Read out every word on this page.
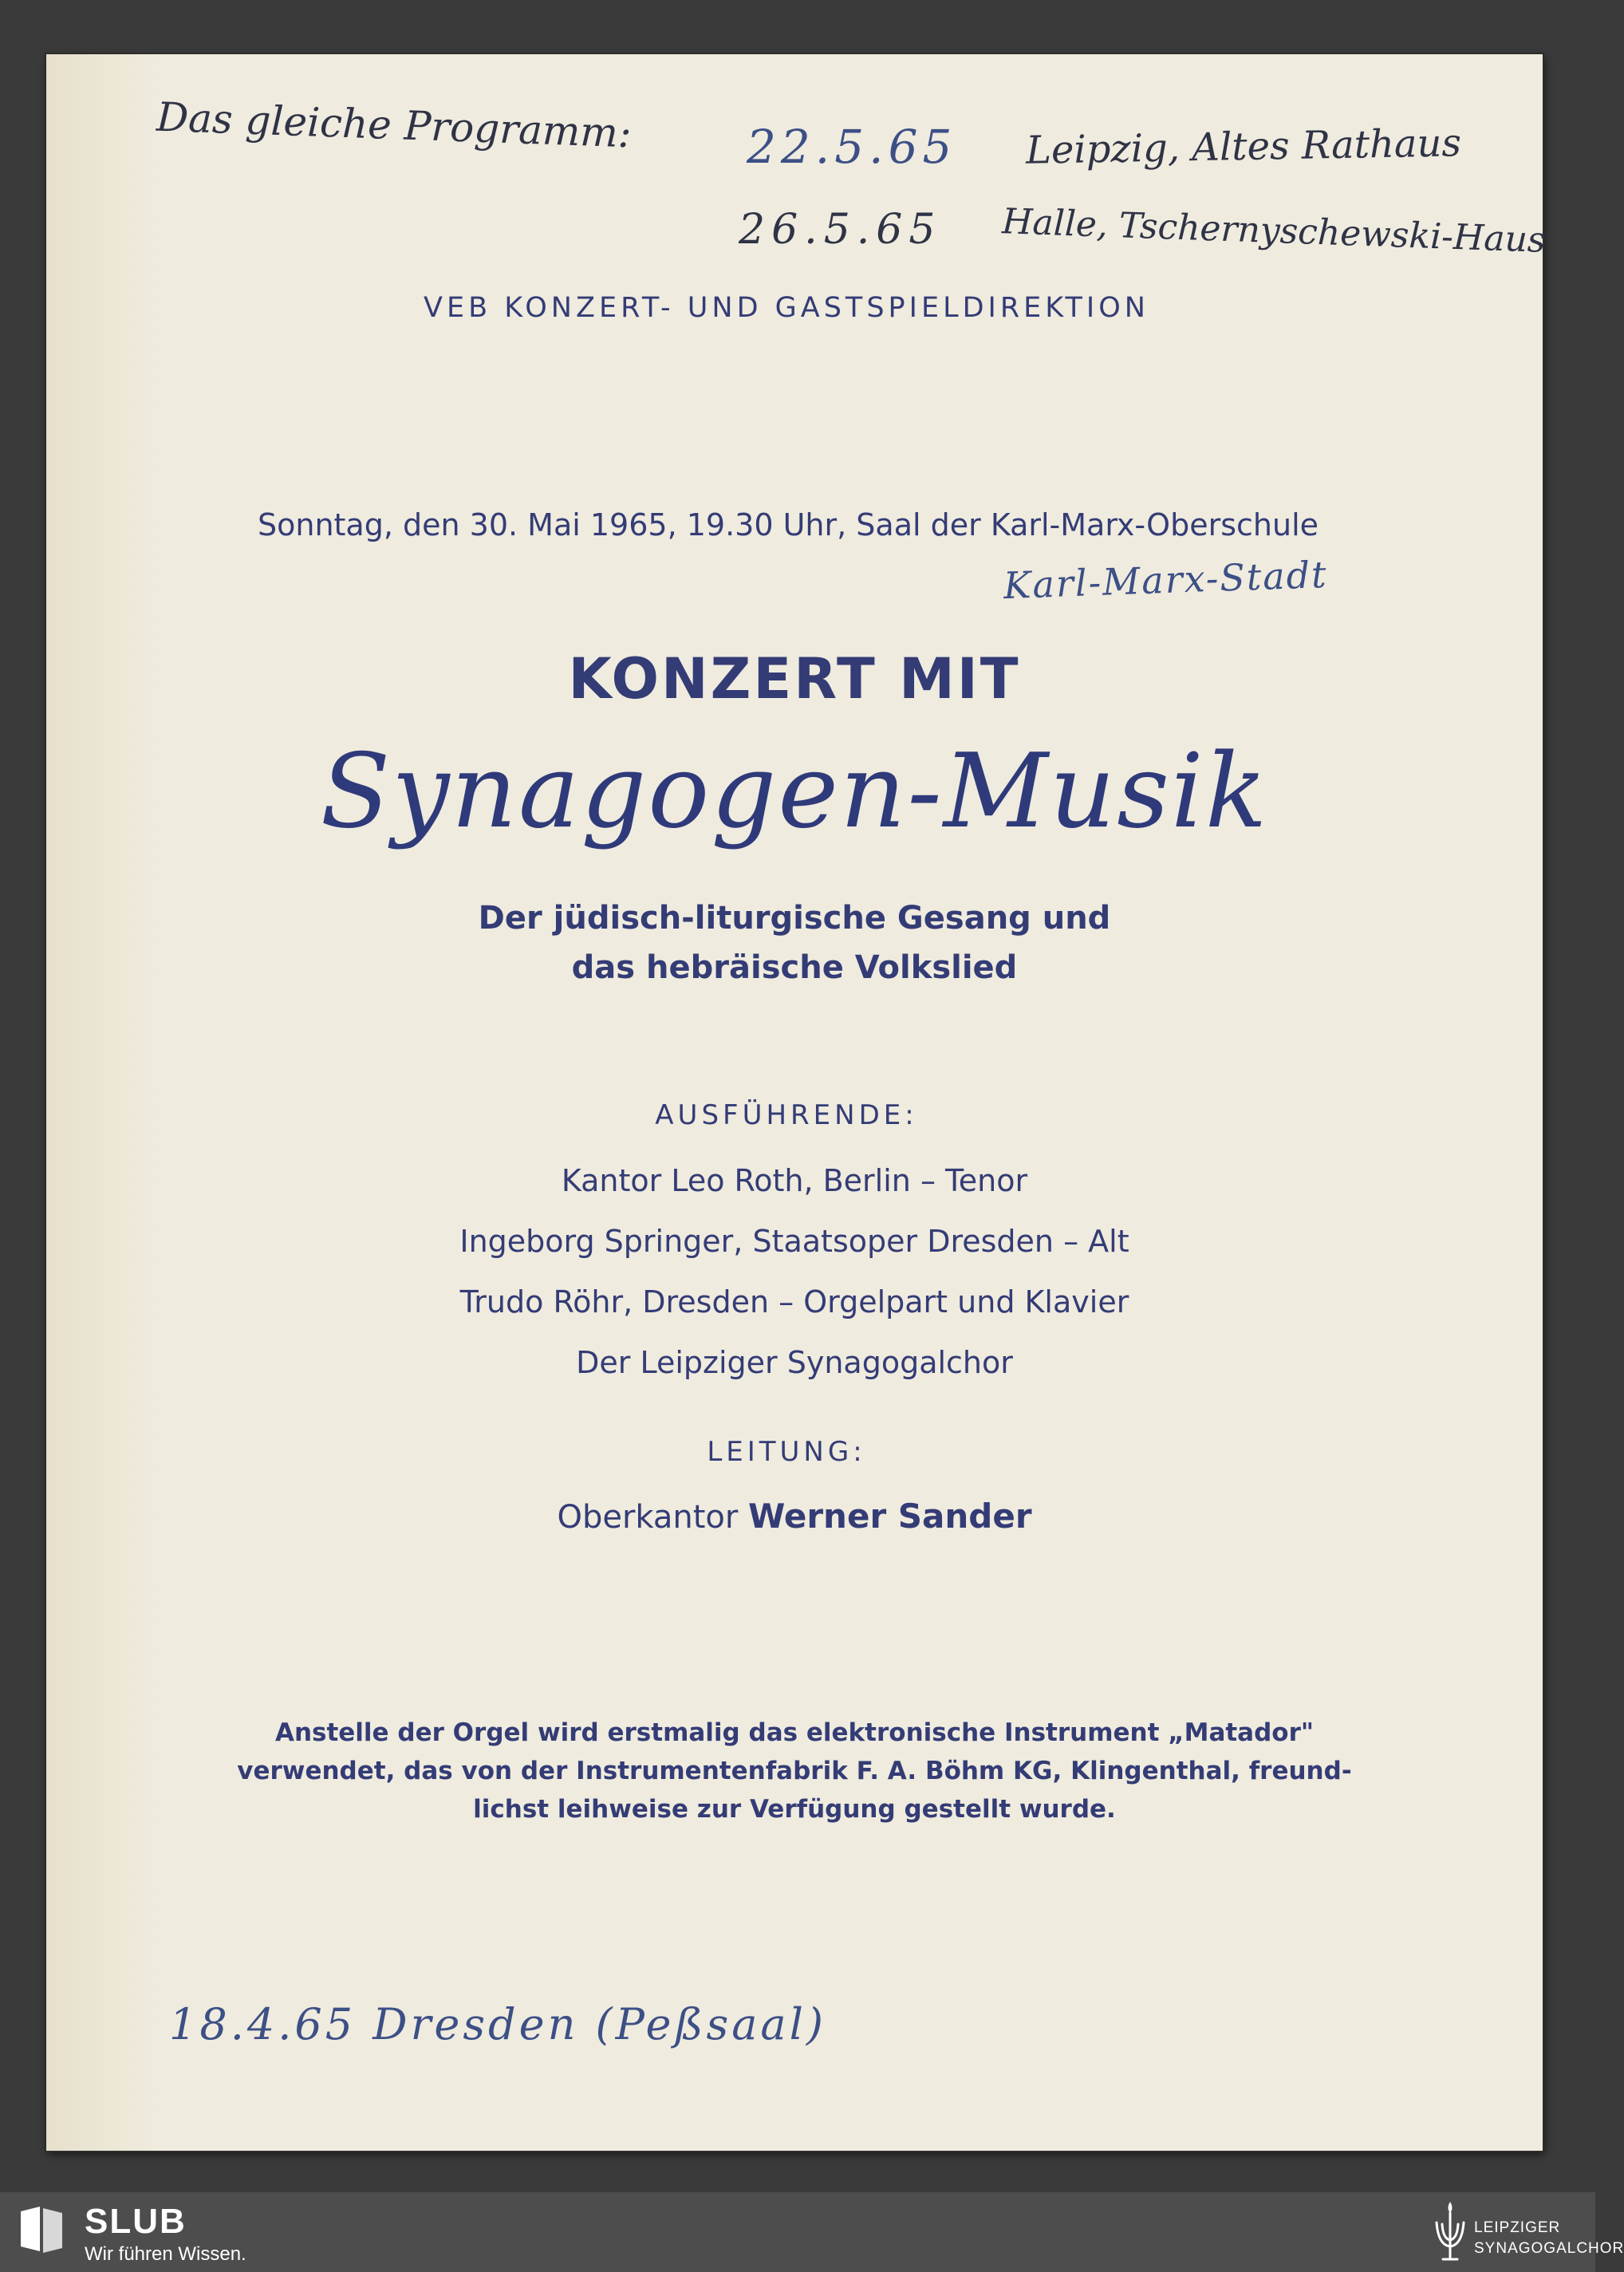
Das gleiche Programm: 22.5.65 Leipzig, Altes Rathaus
26.5.65 Halle, Tschernyschewski-Haus
VEB KONZERT- UND GASTSPIELDIREKTION
Sonntag, den 30. Mai 1965, 19.30 Uhr, Saal der Karl-Marx-Oberschule
Karl-Marx-Stadt
KONZERT MIT
Synagogen-Musik
Der jüdisch-liturgische Gesang und
das hebräische Volkslied
AUSFÜHRENDE:
Kantor Leo Roth, Berlin – Tenor
Ingeborg Springer, Staatsoper Dresden – Alt
Trudo Röhr, Dresden – Orgelpart und Klavier
Der Leipziger Synagogalchor
LEITUNG:
Oberkantor Werner Sander
Anstelle der Orgel wird erstmalig das elektronische Instrument „Matador"
verwendet, das von der Instrumentenfabrik F. A. Böhm KG, Klingenthal, freund-
lichst leihweise zur Verfügung gestellt wurde.
18.4.65 Dresden (Peßsaal)
SLUB
Wir führen Wissen.
LEIPZIGER
SYNAGOGALCHOR
